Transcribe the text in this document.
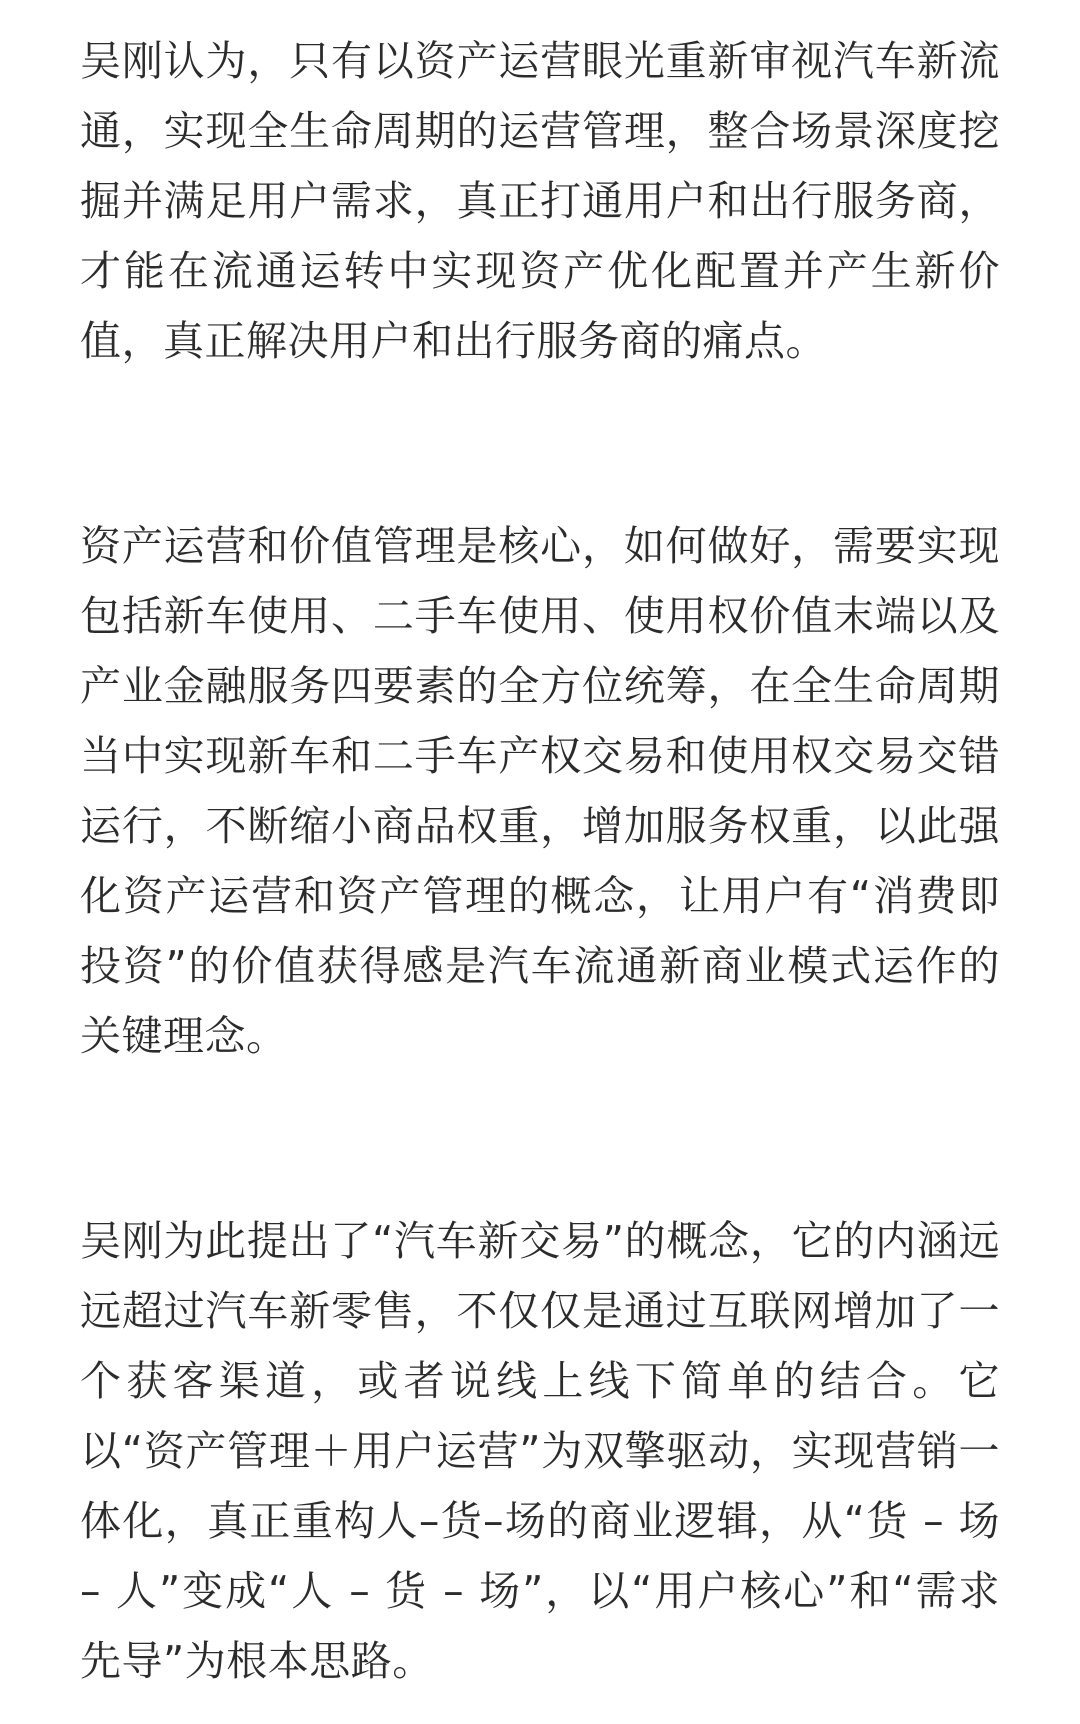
吴刚认为，只有以资产运营眼光重新审视汽车新流通，实现全生命周期的运营管理，整合场景深度挖掘并满足用户需求，真正打通用户和出行服务商，才能在流通运转中实现资产优化配置并产生新价值，真正解决用户和出行服务商的痛点。

资产运营和价值管理是核心，如何做好，需要实现包括新车使用、二手车使用、使用权价值末端以及产业金融服务四要素的全方位统筹，在全生命周期当中实现新车和二手车产权交易和使用权交易交错运行，不断缩小商品权重，增加服务权重，以此强化资产运营和资产管理的概念，让用户有“消费即投资”的价值获得感是汽车流通新商业模式运作的关键理念。

吴刚为此提出了“汽车新交易”的概念，它的内涵远远超过汽车新零售，不仅仅是通过互联网增加了一个获客渠道，或者说线上线下简单的结合。它以“资产管理＋用户运营”为双擎驱动，实现营销一体化，真正重构人–货–场的商业逻辑，从“货 – 场 – 人”变成“人 – 货 – 场”，以“用户核心”和“需求先导”为根本思路。
